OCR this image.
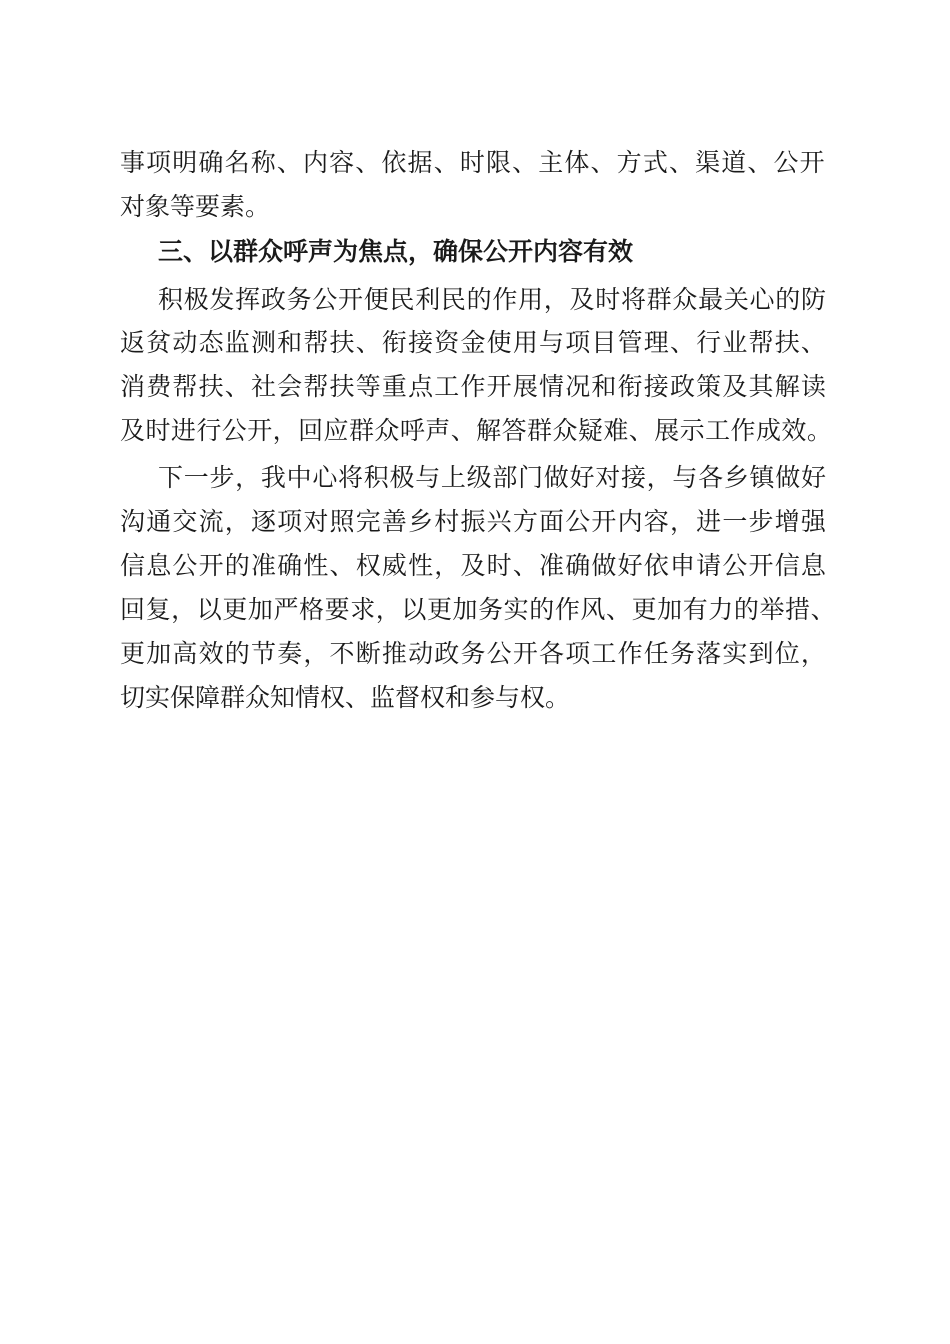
事 项 明 确 名 称 、 内 容 、 依 据 、 时 限 、 主 体 、 方 式 、 渠 道 、 公 开

对象等要素。

三、以群众呼声为焦点，确保公开内容有效

积 极 发 挥 政 务 公 开 便 民 利 民 的 作 用 ， 及 时 将 群 众 最 关 心 的 防

返 贫 动 态 监 测 和 帮 扶 、 衔 接 资 金 使 用 与 项 目 管 理 、 行 业 帮 扶 、

消 费 帮 扶 、 社 会 帮 扶 等 重 点 工 作 开 展 情 况 和 衔 接 政 策 及 其 解 读

及 时 进 行 公 开 ， 回 应 群 众 呼 声 、 解 答 群 众 疑 难 、 展 示 工 作 成 效 。

下 一 步 ， 我 中 心 将 积 极 与 上 级 部 门 做 好 对 接 ， 与 各 乡 镇 做 好

沟 通 交 流 ， 逐 项 对 照 完 善 乡 村 振 兴 方 面 公 开 内 容 ， 进 一 步 增 强

信 息 公 开 的 准 确 性 、 权 威 性 ， 及 时 、 准 确 做 好 依 申 请 公 开 信 息

回 复 ， 以 更 加 严 格 要 求 ， 以 更 加 务 实 的 作 风 、 更 加 有 力 的 举 措 、

更 加 高 效 的 节 奏 ， 不 断 推 动 政 务 公 开 各 项 工 作 任 务 落 实 到 位 ，

切实保障群众知情权、监督权和参与权。
